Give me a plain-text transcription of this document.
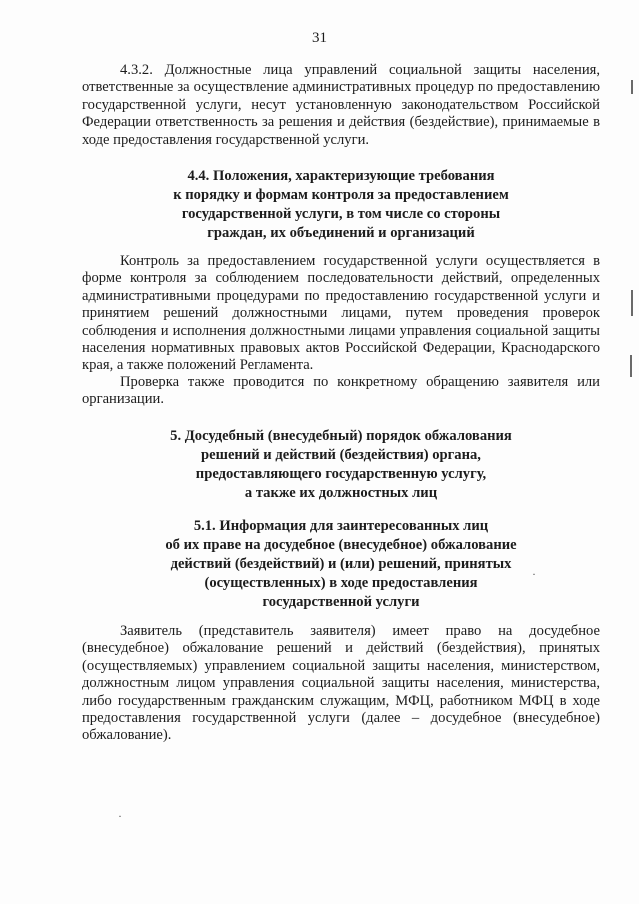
31

4.3.2. Должностные лица управлений социальной защиты населения, ответственные за осуществление административных процедур по предоставлению государственной услуги, несут установленную законодательством Российской Федерации ответственность за решения и действия (бездействие), принимаемые в ходе предоставления государственной услуги.

4.4. Положения, характеризующие требования
к порядку и формам контроля за предоставлением
государственной услуги, в том числе со стороны
граждан, их объединений и организаций

Контроль за предоставлением государственной услуги осуществляется в форме контроля за соблюдением последовательности действий, определенных административными процедурами по предоставлению государственной услуги и принятием решений должностными лицами, путем проведения проверок соблюдения и исполнения должностными лицами управления социальной защиты населения нормативных правовых актов Российской Федерации, Краснодарского края, а также положений Регламента.

Проверка также проводится по конкретному обращению заявителя или организации.

5. Досудебный (внесудебный) порядок обжалования
решений и действий (бездействия) органа,
предоставляющего государственную услугу,
а также их должностных лиц

5.1. Информация для заинтересованных лиц
об их праве на досудебное (внесудебное) обжалование
действий (бездействий) и (или) решений, принятых
(осуществленных) в ходе предоставления
государственной услуги

Заявитель (представитель заявителя) имеет право на досудебное (внесудебное) обжалование решений и действий (бездействия), принятых (осуществляемых) управлением социальной защиты населения, министерством, должностным лицом управления социальной защиты населения, министерства, либо государственным гражданским служащим, МФЦ, работником МФЦ в ходе предоставления государственной услуги (далее – досудебное (внесудебное) обжалование).

·
·
